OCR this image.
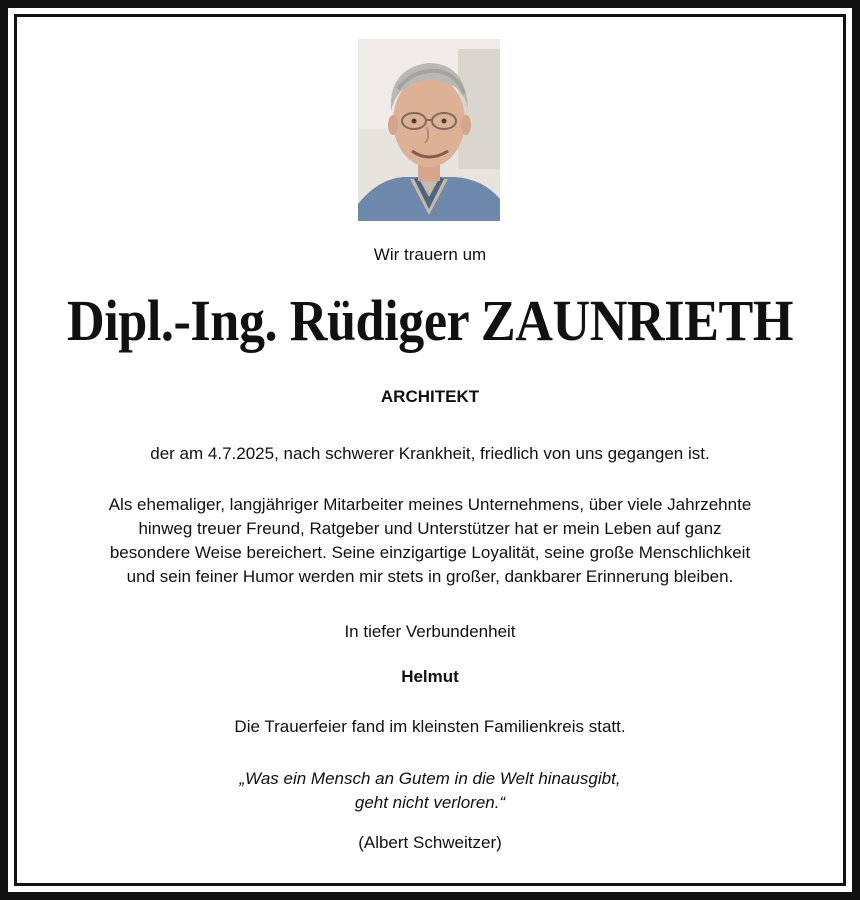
Wir trauern um

Dipl.-Ing. Rüdiger ZAUNRIETH

ARCHITEKT

der am 4.7.2025, nach schwerer Krankheit, friedlich von uns gegangen ist.

Als ehemaliger, langjähriger Mitarbeiter meines Unternehmens, über viele Jahrzehnte
hinweg treuer Freund, Ratgeber und Unterstützer hat er mein Leben auf ganz
besondere Weise bereichert. Seine einzigartige Loyalität, seine große Menschlichkeit
und sein feiner Humor werden mir stets in großer, dankbarer Erinnerung bleiben.

In tiefer Verbundenheit

Helmut

Die Trauerfeier fand im kleinsten Familienkreis statt.

„Was ein Mensch an Gutem in die Welt hinausgibt,
geht nicht verloren.“

(Albert Schweitzer)
